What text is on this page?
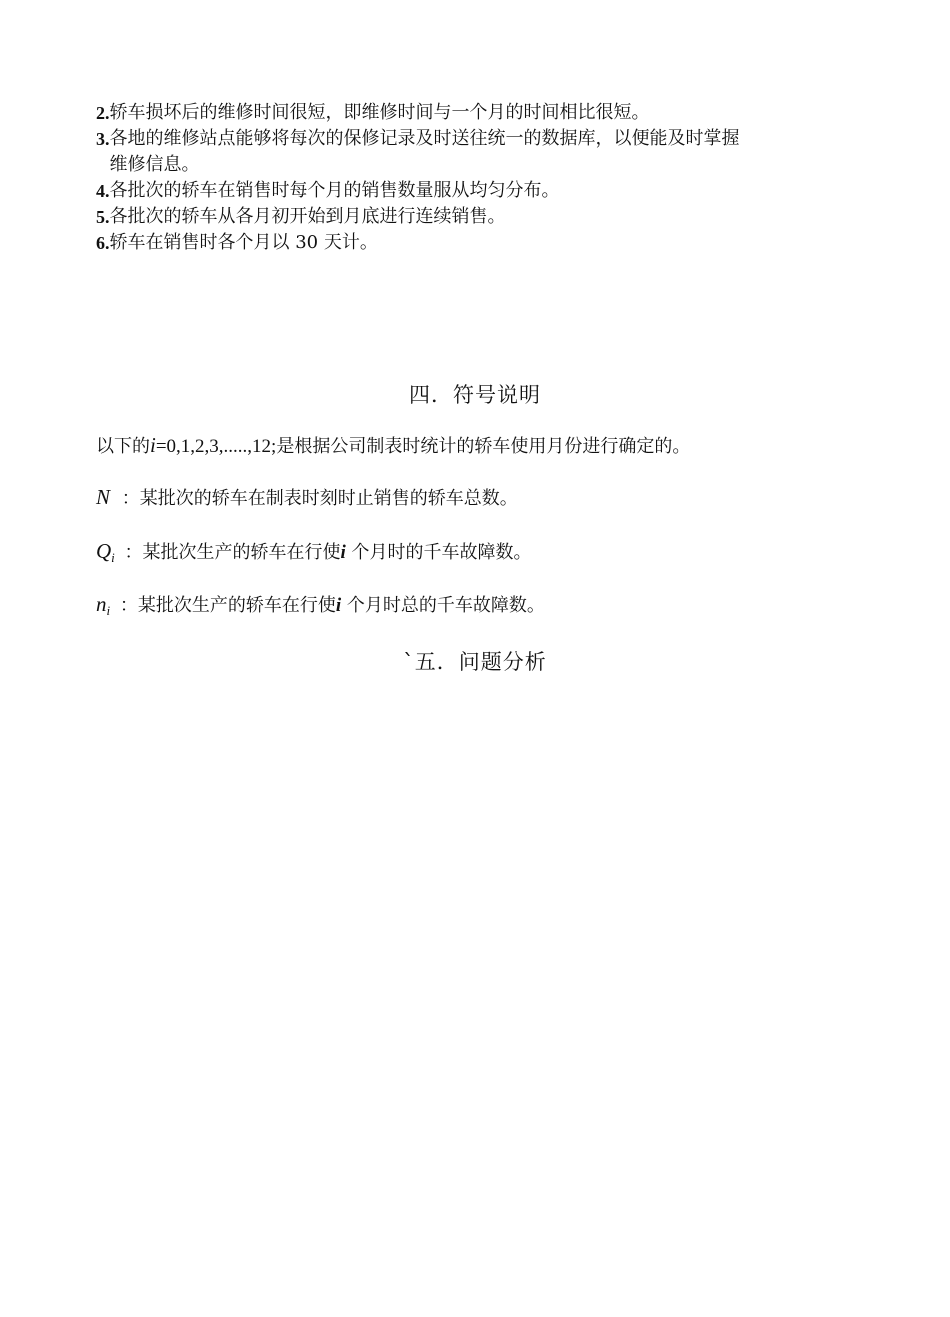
2. 轿车损坏后的维修时间很短，即维修时间与一个月的时间相比很短。
3. 各地的维修站点能够将每次的保修记录及时送往统一的数据库，以便能及时掌握
维修信息。
4. 各批次的轿车在销售时每个月的销售数量服从均匀分布。
5. 各批次的轿车从各月初开始到月底进行连续销售。
6. 轿车在销售时各个月以 30 天计。
四．符号说明
以下的i=0,1,2,3,.....,12;是根据公司制表时统计的轿车使用月份进行确定的。
N ：某批次的轿车在制表时刻时止销售的轿车总数。
$Q_i$ ：某批次生产的轿车在行使i 个月时的千车故障数。
$n_i$ ：某批次生产的轿车在行使i 个月时总的千车故障数。
`五．问题分析
